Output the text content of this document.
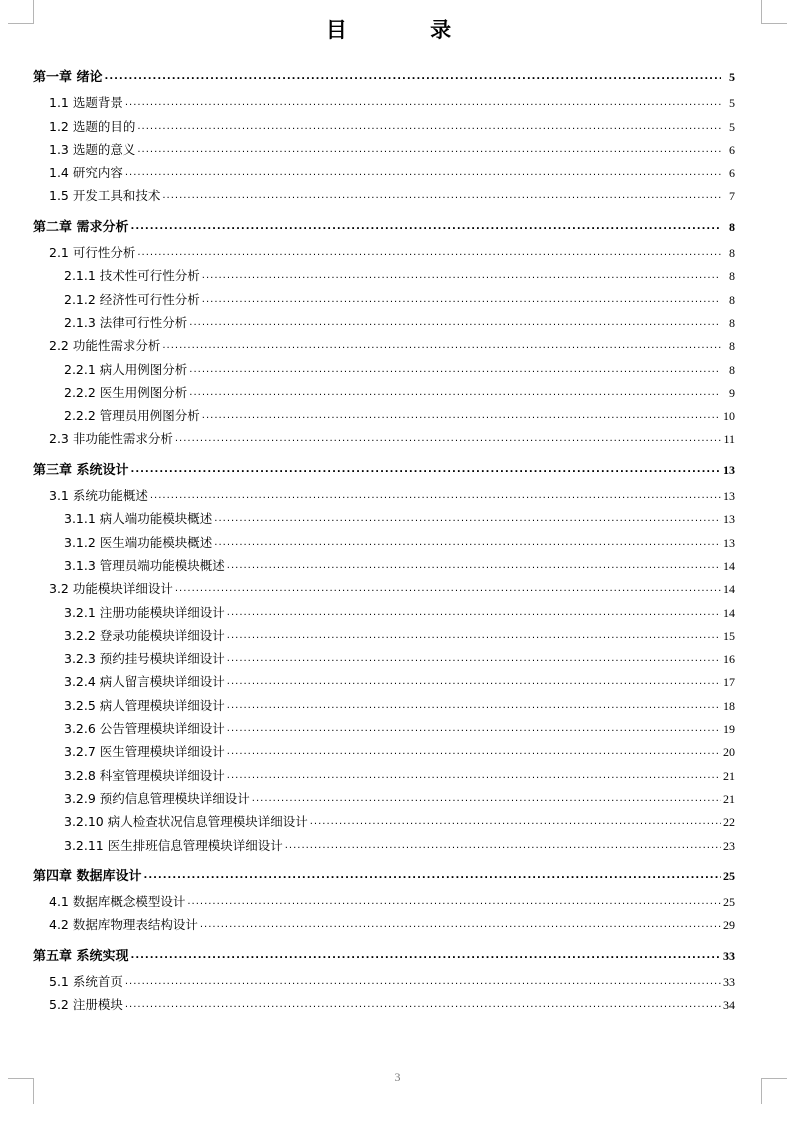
目 录
第一章 绪论 .....	5
1.1 选题背景 .....	5
1.2 选题的目的 .....	5
1.3 选题的意义 .....	6
1.4 研究内容 .....	6
1.5 开发工具和技术 .....	7
第二章 需求分析 .....	8
2.1 可行性分析 .....	8
2.1.1 技术性可行性分析 .....	8
2.1.2 经济性可行性分析 .....	8
2.1.3 法律可行性分析 .....	8
2.2 功能性需求分析 .....	8
2.2.1 病人用例图分析 .....	8
2.2.2 医生用例图分析 .....	9
2.2.2 管理员用例图分析 .....	10
2.3 非功能性需求分析 .....	11
第三章 系统设计 .....	13
3.1 系统功能概述 .....	13
3.1.1 病人端功能模块概述 .....	13
3.1.2 医生端功能模块概述 .....	13
3.1.3 管理员端功能模块概述 .....	14
3.2 功能模块详细设计 .....	14
3.2.1 注册功能模块详细设计 .....	14
3.2.2 登录功能模块详细设计 .....	15
3.2.3 预约挂号模块详细设计 .....	16
3.2.4 病人留言模块详细设计 .....	17
3.2.5 病人管理模块详细设计 .....	18
3.2.6 公告管理模块详细设计 .....	19
3.2.7 医生管理模块详细设计 .....	20
3.2.8 科室管理模块详细设计 .....	21
3.2.9 预约信息管理模块详细设计 .....	21
3.2.10 病人检查状况信息管理模块详细设计 .....	22
3.2.11 医生排班信息管理模块详细设计 .....	23
第四章 数据库设计 .....	25
4.1 数据库概念模型设计 .....	25
4.2 数据库物理表结构设计 .....	29
第五章 系统实现 .....	33
5.1 系统首页 .....	33
5.2 注册模块 .....	34
3
